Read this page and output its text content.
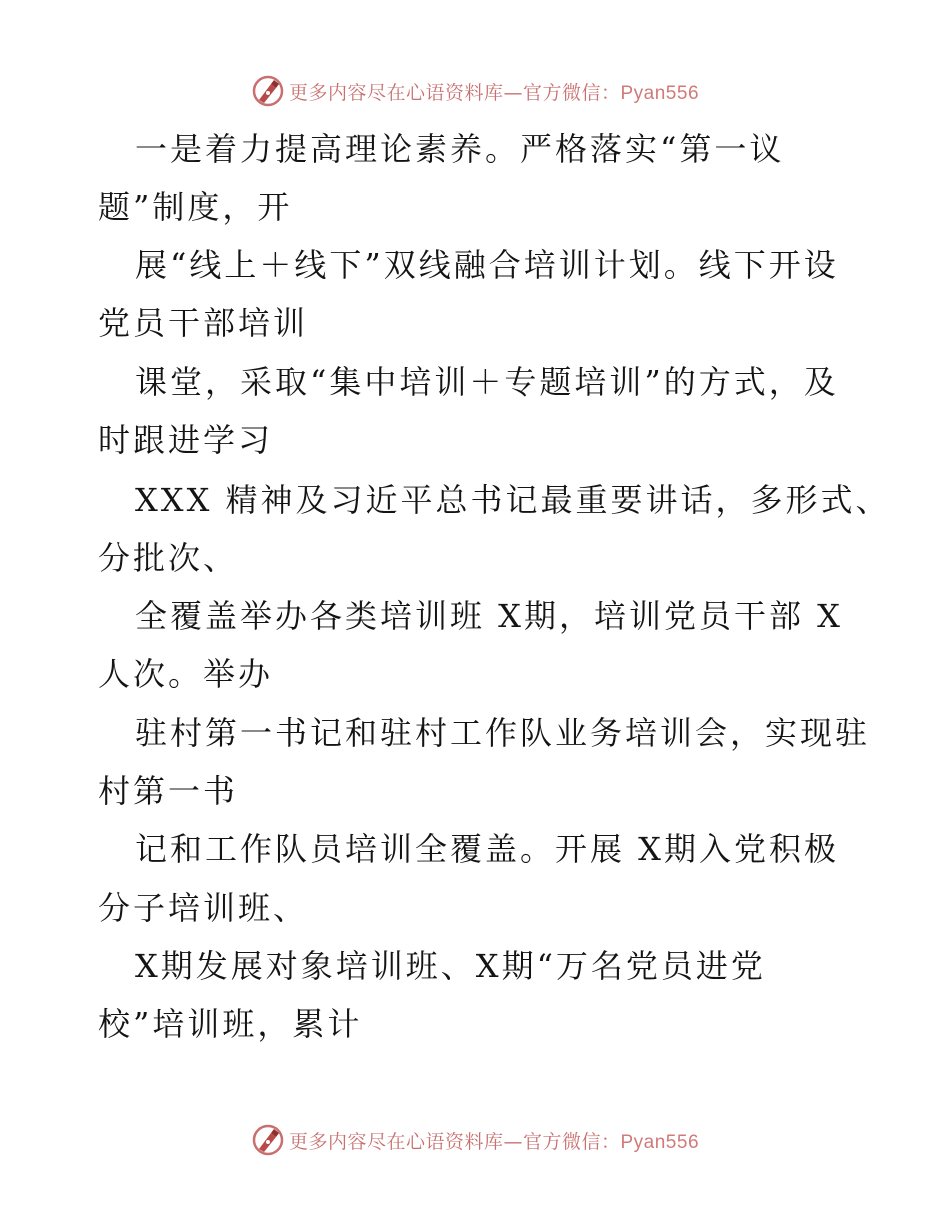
更多内容尽在心语资料库—官方微信：Pyan556
一是着力提高理论素养。严格落实“第一议
题”制度，开
展“线上＋线下”双线融合培训计划。线下开设
党员干部培训
课堂，采取“集中培训＋专题培训”的方式，及
时跟进学习
XXX 精神及习近平总书记最重要讲话，多形式、
分批次、
全覆盖举办各类培训班 X期，培训党员干部 X
人次。举办
驻村第一书记和驻村工作队业务培训会，实现驻
村第一书
记和工作队员培训全覆盖。开展 X期入党积极
分子培训班、
X期发展对象培训班、X期“万名党员进党
校”培训班，累计
更多内容尽在心语资料库—官方微信：Pyan556
